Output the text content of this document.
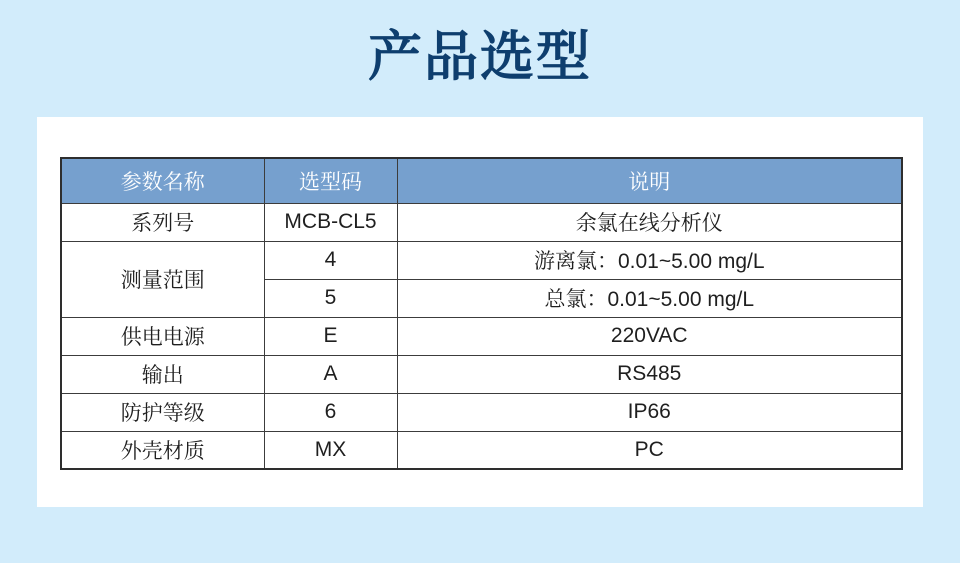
产品选型
参数名称	选型码	说明
系列号	MCB-CL5	余氯在线分析仪
测量范围	4	游离氯：0.01~5.00 mg/L
	5	总氯：0.01~5.00 mg/L
供电电源	E	220VAC
输出	A	RS485
防护等级	6	IP66
外壳材质	MX	PC
